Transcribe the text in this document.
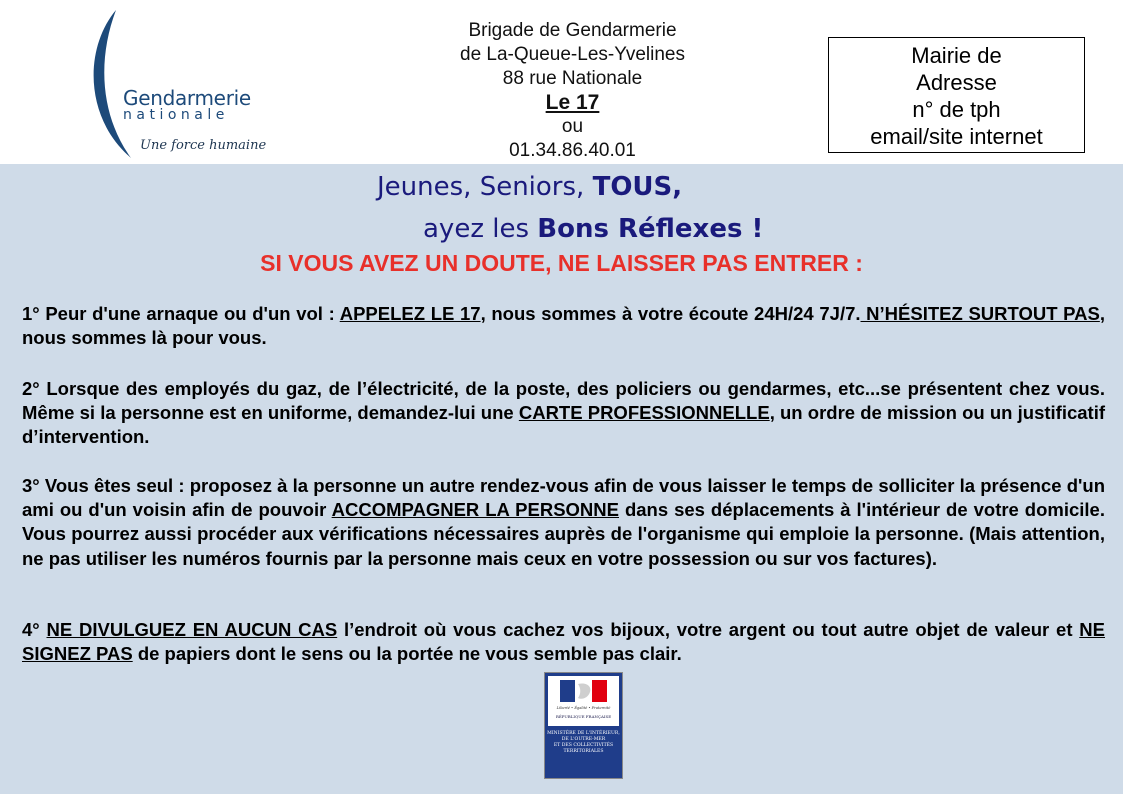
Gendarmerie
nationale
Une force humaine
Brigade de Gendarmerie
de La-Queue-Les-Yvelines
88 rue Nationale
Le 17
ou
01.34.86.40.01
Mairie de
Adresse
n° de tph
email/site internet
Jeunes, Seniors, TOUS,
ayez les Bons Réflexes !
SI VOUS AVEZ UN DOUTE, NE LAISSER PAS ENTRER :
1° Peur d'une arnaque ou d'un vol : APPELEZ LE 17, nous sommes à votre écoute 24H/24 7J/7. N’HÉSITEZ SURTOUT PAS, nous sommes là pour vous.
2° Lorsque des employés du gaz, de l’électricité, de la poste, des policiers ou gendarmes, etc...se présentent chez vous. Même si la personne est en uniforme, demandez-lui une CARTE PROFESSIONNELLE, un ordre de mission ou un justificatif d’intervention.
3° Vous êtes seul : proposez à la personne un autre rendez-vous afin de vous laisser le temps de solliciter la présence d'un ami ou d'un voisin afin de pouvoir ACCOMPAGNER LA PERSONNE dans ses déplacements à l'intérieur de votre domicile. Vous pourrez aussi procéder aux vérifications nécessaires auprès de l'organisme qui emploie la personne. (Mais attention, ne pas utiliser les numéros fournis par la personne mais ceux en votre possession ou sur vos factures).
4° NE DIVULGUEZ EN AUCUN CAS l’endroit où vous cachez vos bijoux, votre argent ou tout autre objet de valeur et NE SIGNEZ PAS de papiers dont le sens ou la portée ne vous semble pas clair.
Liberté • Égalité • Fraternité
RÉPUBLIQUE FRANÇAISE
MINISTÈRE DE L'INTÉRIEUR,
DE L'OUTRE-MER
ET DES COLLECTIVITÉS
TERRITORIALES
